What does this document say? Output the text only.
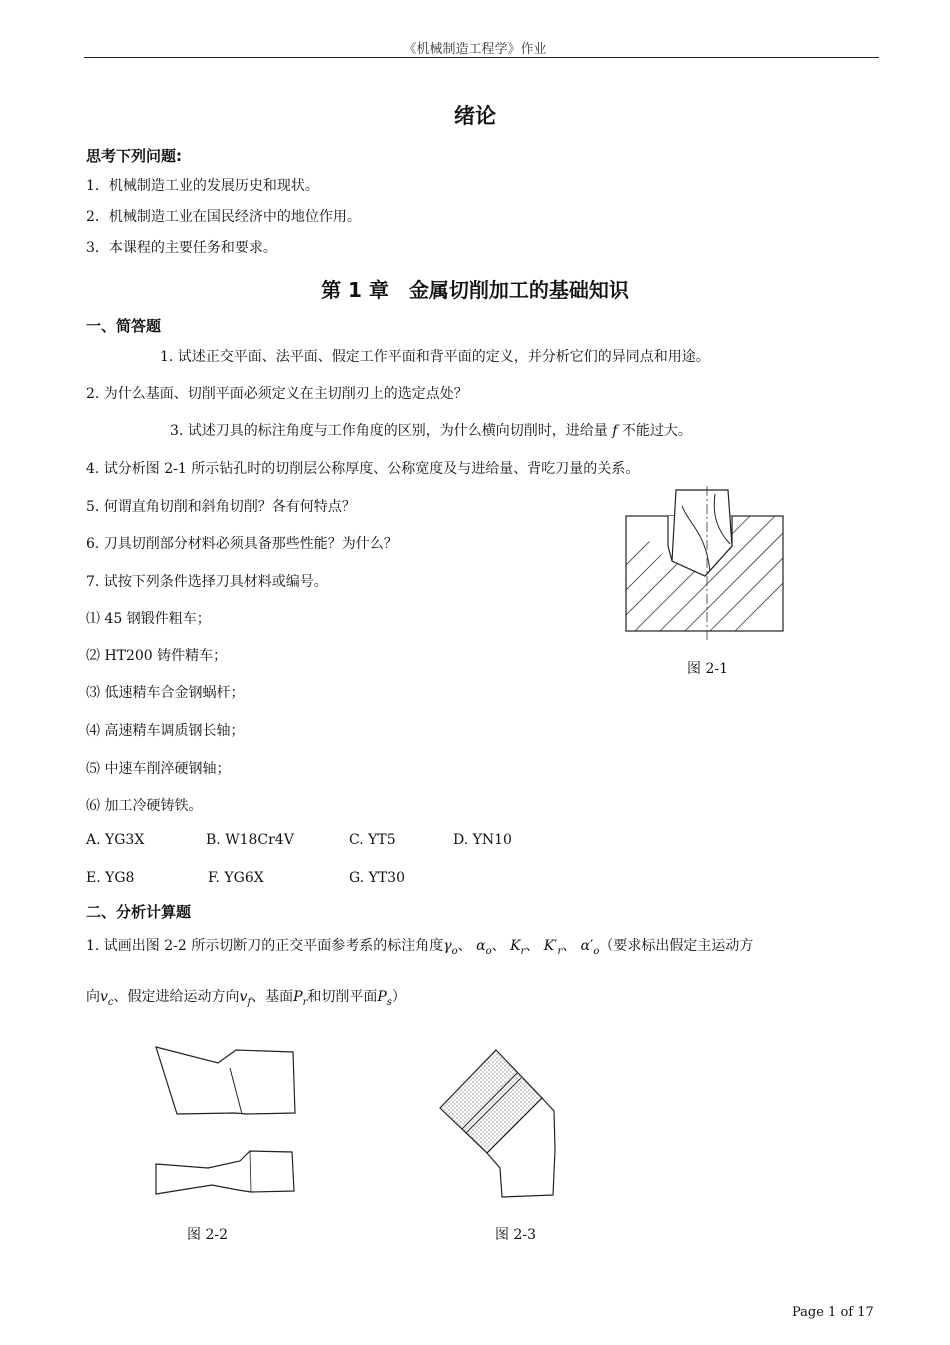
《机械制造工程学》作业
绪论
思考下列问题:
1．机械制造工业的发展历史和现状。
2．机械制造工业在国民经济中的地位作用。
3．本课程的主要任务和要求。
第 1 章　金属切削加工的基础知识
一、简答题
1. 试述正交平面、法平面、假定工作平面和背平面的定义，并分析它们的异同点和用途。
2. 为什么基面、切削平面必须定义在主切削刃上的选定点处？
3. 试述刀具的标注角度与工作角度的区别，为什么横向切削时，进给量 f 不能过大。
4. 试分析图 2-1 所示钻孔时的切削层公称厚度、公称宽度及与进给量、背吃刀量的关系。
5. 何谓直角切削和斜角切削？各有何特点？
6. 刀具切削部分材料必须具备那些性能？为什么？
7. 试按下列条件选择刀具材料或编号。
⑴ 45 钢锻件粗车；
⑵ HT200 铸件精车；
⑶ 低速精车合金钢蜗杆；
⑷ 高速精车调质钢长轴；
⑸ 中速车削淬硬钢轴；
⑹ 加工冷硬铸铁。
A. YG3X	B. W18Cr4V	C. YT5	D. YN10
E. YG8	F. YG6X	G. YT30
图 2-1
二、分析计算题
1. 试画出图 2-2 所示切断刀的正交平面参考系的标注角度$\gamma_o$、 $\alpha_o$、 $K_r$、 $K'_r$、 $\alpha'_o$（要求标出假定主运动方
向$v_c$、假定进给运动方向$v_f$、基面$P_r$和切削平面$P_s$）
图 2-2	图 2-3
Page 1 of 17
